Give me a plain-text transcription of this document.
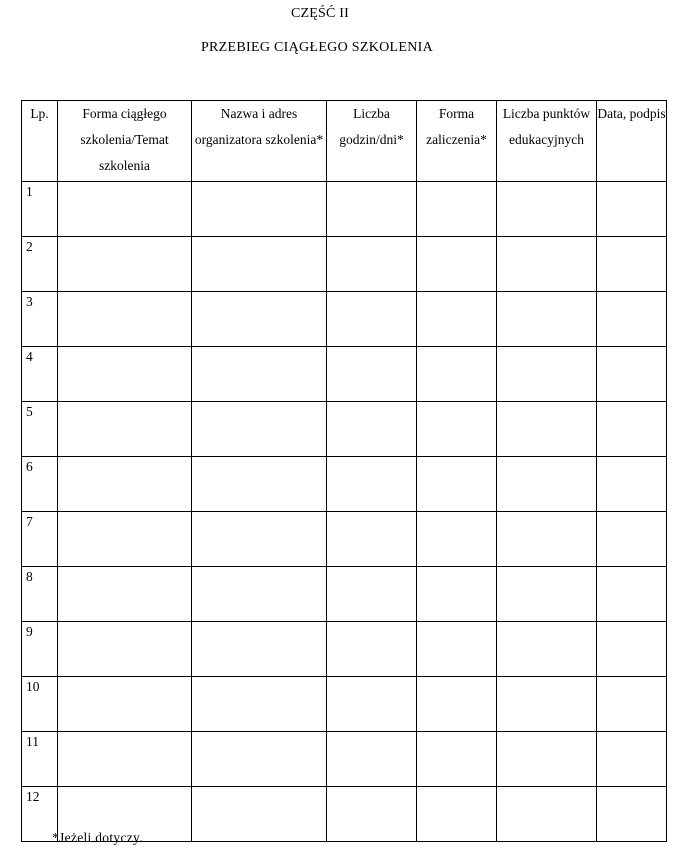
CZĘŚĆ II
PRZEBIEG CIĄGŁEGO SZKOLENIA
Lp.	Forma ciągłego szkolenia/Temat szkolenia	Nazwa i adres organizatora szkolenia*	Liczba godzin/dni*	Forma zaliczenia*	Liczba punktów edukacyjnych	Data, podpis
1						
2						
3						
4						
5						
6						
7						
8						
9						
10						
11						
12						
*Jeżeli dotyczy.
